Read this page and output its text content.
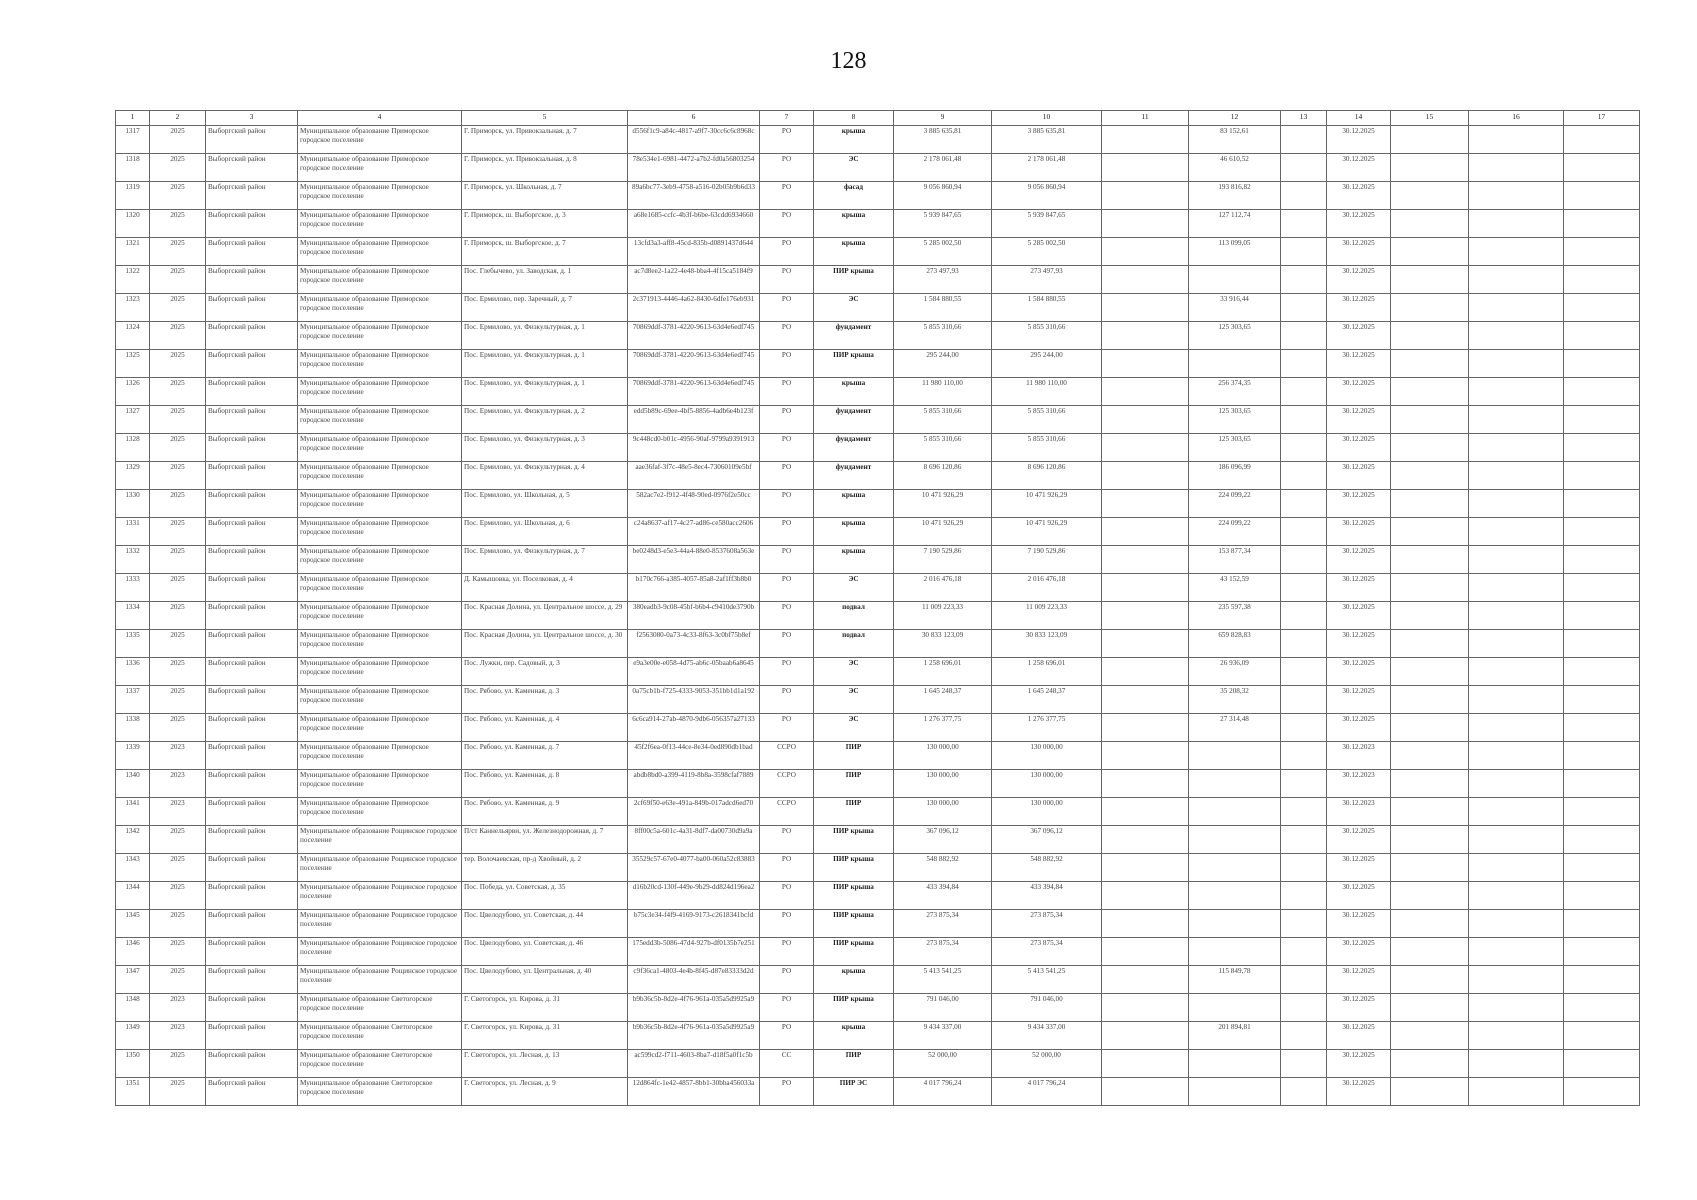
128
1	2	3	4	5	6	7	8	9	10	11	12	13	14	15	16	17
1317	2025	Выборгский район	Муниципальное образование Приморское городское поселение	Г. Приморск, ул. Привокзальная, д. 7	d556f1c9-a84c-4817-a9f7-30cc6c6c8968c	РО	крыша	3 885 635,81	3 885 635,81		83 152,61		30.12.2025			
1318	2025	Выборгский район	Муниципальное образование Приморское городское поселение	Г. Приморск, ул. Привокзальная, д. 8	78e534e1-6981-4472-a7b2-fd0a56803254	РО	ЭС	2 178 061,48	2 178 061,48		46 610,52		30.12.2025			
1319	2025	Выборгский район	Муниципальное образование Приморское городское поселение	Г. Приморск, ул. Школьная, д. 7	89a6bc77-3eb9-4758-a516-02b05b9b6d33	РО	фасад	9 056 860,94	9 056 860,94		193 816,82		30.12.2025			
1320	2025	Выборгский район	Муниципальное образование Приморское городское поселение	Г. Приморск, ш. Выборгское, д. 3	a68e1685-ccfc-4b3f-b6be-63cdd6934660	РО	крыша	5 939 847,65	5 939 847,65		127 112,74		30.12.2025			
1321	2025	Выборгский район	Муниципальное образование Приморское городское поселение	Г. Приморск, ш. Выборгское, д. 7	13cfd3a3-aff8-45cd-835b-d0891437d644	РО	крыша	5 285 002,50	5 285 002,50		113 099,05		30.12.2025			
1322	2025	Выборгский район	Муниципальное образование Приморское городское поселение	Пос. Глебычево, ул. Заводская, д. 1	ac7d8ee2-1a22-4e48-bba4-4f15ca5184f9	РО	ПИР крыша	273 497,93	273 497,93				30.12.2025			
1323	2025	Выборгский район	Муниципальное образование Приморское городское поселение	Пос. Ермилово, пер. Заречный, д. 7	2c371913-4446-4a62-8430-6dfe176eb931	РО	ЭС	1 584 880,55	1 584 880,55		33 916,44		30.12.2025			
1324	2025	Выборгский район	Муниципальное образование Приморское городское поселение	Пос. Ермилово, ул. Физкультурная, д. 1	70869ddf-3781-4220-9613-63d4e6edf745	РО	фундамент	5 855 310,66	5 855 310,66		125 303,65		30.12.2025			
1325	2025	Выборгский район	Муниципальное образование Приморское городское поселение	Пос. Ермилово, ул. Физкультурная, д. 1	70869ddf-3781-4220-9613-63d4e6edf745	РО	ПИР крыша	295 244,00	295 244,00				30.12.2025			
1326	2025	Выборгский район	Муниципальное образование Приморское городское поселение	Пос. Ермилово, ул. Физкультурная, д. 1	70869ddf-3781-4220-9613-63d4e6edf745	РО	крыша	11 980 110,00	11 980 110,00		256 374,35		30.12.2025			
1327	2025	Выборгский район	Муниципальное образование Приморское городское поселение	Пос. Ермилово, ул. Физкультурная, д. 2	edd5b89c-69ee-4bf5-8856-4adb6e4b123f	РО	фундамент	5 855 310,66	5 855 310,66		125 303,65		30.12.2025			
1328	2025	Выборгский район	Муниципальное образование Приморское городское поселение	Пос. Ермилово, ул. Физкультурная, д. 3	9c448cd0-b01c-4956-90af-9799a9391913	РО	фундамент	5 855 310,66	5 855 310,66		125 303,65		30.12.2025			
1329	2025	Выборгский район	Муниципальное образование Приморское городское поселение	Пос. Ермилово, ул. Физкультурная, д. 4	aae36faf-3f7c-48e5-8ec4-73060109e5bf	РО	фундамент	8 696 120,86	8 696 120,86		186 096,99		30.12.2025			
1330	2025	Выборгский район	Муниципальное образование Приморское городское поселение	Пос. Ермилово, ул. Школьная, д. 5	582ac7e2-f912-4f48-90ed-0976f2e50cc	РО	крыша	10 471 926,29	10 471 926,29		224 099,22		30.12.2025			
1331	2025	Выборгский район	Муниципальное образование Приморское городское поселение	Пос. Ермилово, ул. Школьная, д. 6	c24a8637-af17-4c27-ad86-ce580acc2606	РО	крыша	10 471 926,29	10 471 926,29		224 099,22		30.12.2025			
1332	2025	Выборгский район	Муниципальное образование Приморское городское поселение	Пос. Ермилово, ул. Физкультурная, д. 7	be0248d3-e5e3-44a4-88e0-8537608a563e	РО	крыша	7 190 529,86	7 190 529,86		153 877,34		30.12.2025			
1333	2025	Выборгский район	Муниципальное образование Приморское городское поселение	Д. Камышовка, ул. Поселковая, д. 4	b170c766-a385-4057-85a8-2af1ff3b8b0	РО	ЭС	2 016 476,18	2 016 476,18		43 152,59		30.12.2025			
1334	2025	Выборгский район	Муниципальное образование Приморское городское поселение	Пос. Красная Долина, ул. Центральное шоссе, д. 29	380eadb3-9c08-45bf-b6b4-c9410de3790b	РО	подвал	11 009 223,33	11 009 223,33		235 597,38		30.12.2025			
1335	2025	Выборгский район	Муниципальное образование Приморское городское поселение	Пос. Красная Долина, ул. Центральное шоссе, д. 30	f2563080-0a73-4c33-8f63-3c0bf75b8ef	РО	подвал	30 833 123,09	30 833 123,09		659 828,83		30.12.2025			
1336	2025	Выборгский район	Муниципальное образование Приморское городское поселение	Пос. Лужки, пер. Садовый, д. 3	e9a3e00e-e058-4d75-ab6c-05baab6a8645	РО	ЭС	1 258 696,01	1 258 696,01		26 936,09		30.12.2025			
1337	2025	Выборгский район	Муниципальное образование Приморское городское поселение	Пос. Рябово, ул. Каменная, д. 3	0a75cb1b-f725-4333-9053-351bb1d1a192	РО	ЭС	1 645 248,37	1 645 248,37		35 208,32		30.12.2025			
1338	2025	Выборгский район	Муниципальное образование Приморское городское поселение	Пос. Рябово, ул. Каменная, д. 4	6c6ca914-27ab-4870-9db6-056357a27133	РО	ЭС	1 276 377,75	1 276 377,75		27 314,48		30.12.2025			
1339	2023	Выборгский район	Муниципальное образование Приморское городское поселение	Пос. Рябово, ул. Каменная, д. 7	45f2f6ea-0f13-44ce-8e34-0ed890db1bad	ССРО	ПИР	130 000,00	130 000,00				30.12.2023			
1340	2023	Выборгский район	Муниципальное образование Приморское городское поселение	Пос. Рябово, ул. Каменная, д. 8	abdb8bd0-a399-4119-8b8a-3598cfaf7889	ССРО	ПИР	130 000,00	130 000,00				30.12.2023			
1341	2023	Выборгский район	Муниципальное образование Приморское городское поселение	Пос. Рябово, ул. Каменная, д. 9	2cf69f50-e63e-491a-849b-017adcd6ed70	ССРО	ПИР	130 000,00	130 000,00				30.12.2023			
1342	2025	Выборгский район	Муниципальное образование Рощинское городское поселение	П/ст Каннельярви, ул. Железнодорожная, д. 7	8ff00c5a-601c-4a31-8df7-da00730d9a9a	РО	ПИР крыша	367 096,12	367 096,12				30.12.2025			
1343	2025	Выборгский район	Муниципальное образование Рощинское городское поселение	тер. Волочаевская, пр-д Хвойный, д. 2	35529c57-67e0-4077-ba00-060a52c83883	РО	ПИР крыша	548 882,92	548 882,92				30.12.2025			
1344	2025	Выборгский район	Муниципальное образование Рощинское городское поселение	Пос. Победа, ул. Советская, д. 35	d16b20cd-130f-449e-9b29-dd824d196ea2	РО	ПИР крыша	433 394,84	433 394,84				30.12.2025			
1345	2025	Выборгский район	Муниципальное образование Рощинское городское поселение	Пос. Цвелодубово, ул. Советская, д. 44	b75c3e34-f4f9-4169-9173-c2618341bcfd	РО	ПИР крыша	273 875,34	273 875,34				30.12.2025			
1346	2025	Выборгский район	Муниципальное образование Рощинское городское поселение	Пос. Цвелодубово, ул. Советская, д. 46	175edd3b-5086-47d4-927b-df0135b7e251	РО	ПИР крыша	273 875,34	273 875,34				30.12.2025			
1347	2025	Выборгский район	Муниципальное образование Рощинское городское поселение	Пос. Цвелодубово, ул. Центральная, д. 40	c9f36ca1-4803-4e4b-8f45-d87e83333d2d	РО	крыша	5 413 541,25	5 413 541,25		115 849,78		30.12.2025			
1348	2023	Выборгский район	Муниципальное образование Светогорское городское поселение	Г. Светогорск, ул. Кирова, д. 31	b9b36c5b-8d2e-4f76-961a-035a5d9925a9	РО	ПИР крыша	791 046,00	791 046,00				30.12.2025			
1349	2023	Выборгский район	Муниципальное образование Светогорское городское поселение	Г. Светогорск, ул. Кирова, д. 31	b9b36c5b-8d2e-4f76-961a-035a5d9925a9	РО	крыша	9 434 337,00	9 434 337,00		201 894,81		30.12.2025			
1350	2025	Выборгский район	Муниципальное образование Светогорское городское поселение	Г. Светогорск, ул. Лесная, д. 13	ac599cd2-f711-4603-8ba7-d18f5a0f1c5b	СС	ПИР	52 000,00	52 000,00				30.12.2025			
1351	2025	Выборгский район	Муниципальное образование Светогорское городское поселение	Г. Светогорск, ул. Лесная, д. 9	12d864fc-1e42-4857-8bb1-30bba456033a	РО	ПИР ЭС	4 017 796,24	4 017 796,24				30.12.2025			
